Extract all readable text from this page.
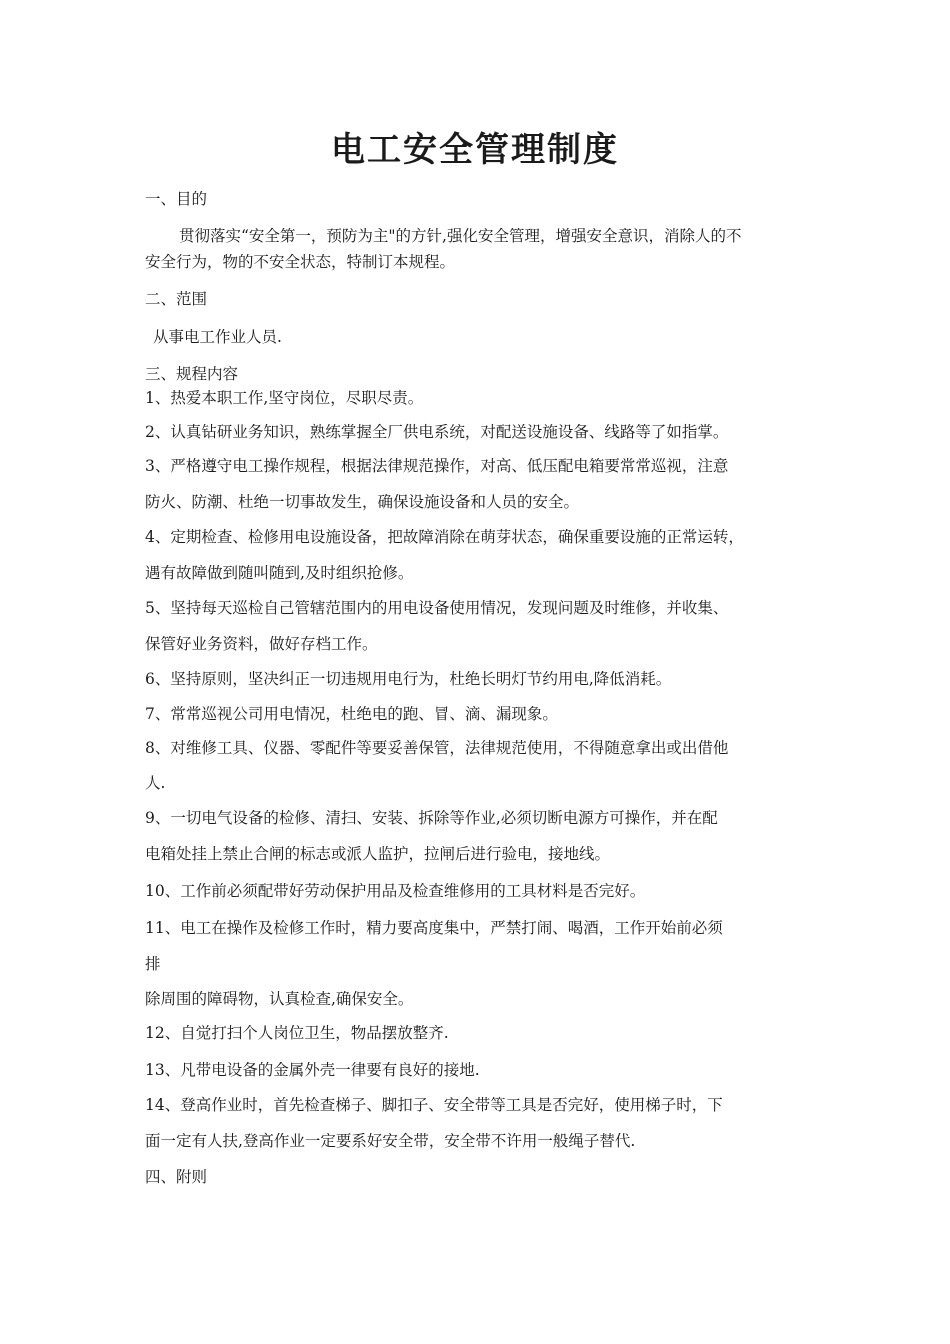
电工安全管理制度

一、目的

贯彻落实“安全第一，预防为主"的方针,强化安全管理，增强安全意识，消除人的不

安全行为，物的不安全状态，特制订本规程。

二、范围

从事电工作业人员.

三、规程内容

1、热爱本职工作,坚守岗位，尽职尽责。

2、认真钻研业务知识，熟练掌握全厂供电系统，对配送设施设备、线路等了如指掌。

3、严格遵守电工操作规程，根据法律规范操作，对高、低压配电箱要常常巡视，注意

防火、防潮、杜绝一切事故发生，确保设施设备和人员的安全。

4、定期检查、检修用电设施设备，把故障消除在萌芽状态，确保重要设施的正常运转，

遇有故障做到随叫随到,及时组织抢修。

5、坚持每天巡检自己管辖范围内的用电设备使用情况，发现问题及时维修，并收集、

保管好业务资料，做好存档工作。

6、坚持原则，坚决纠正一切违规用电行为，杜绝长明灯节约用电,降低消耗。

7、常常巡视公司用电情况，杜绝电的跑、冒、滴、漏现象。

8、对维修工具、仪器、零配件等要妥善保管，法律规范使用，不得随意拿出或出借他

人.

9、一切电气设备的检修、清扫、安装、拆除等作业,必须切断电源方可操作，并在配

电箱处挂上禁止合闸的标志或派人监护，拉闸后进行验电，接地线。

10、工作前必须配带好劳动保护用品及检查维修用的工具材料是否完好。

11、电工在操作及检修工作时，精力要高度集中，严禁打闹、喝酒，工作开始前必须

排

除周围的障碍物，认真检查,确保安全。

12、自觉打扫个人岗位卫生，物品摆放整齐.

13、凡带电设备的金属外壳一律要有良好的接地.

14、登高作业时，首先检查梯子、脚扣子、安全带等工具是否完好，使用梯子时，下

面一定有人扶,登高作业一定要系好安全带，安全带不许用一般绳子替代.

四、附则
